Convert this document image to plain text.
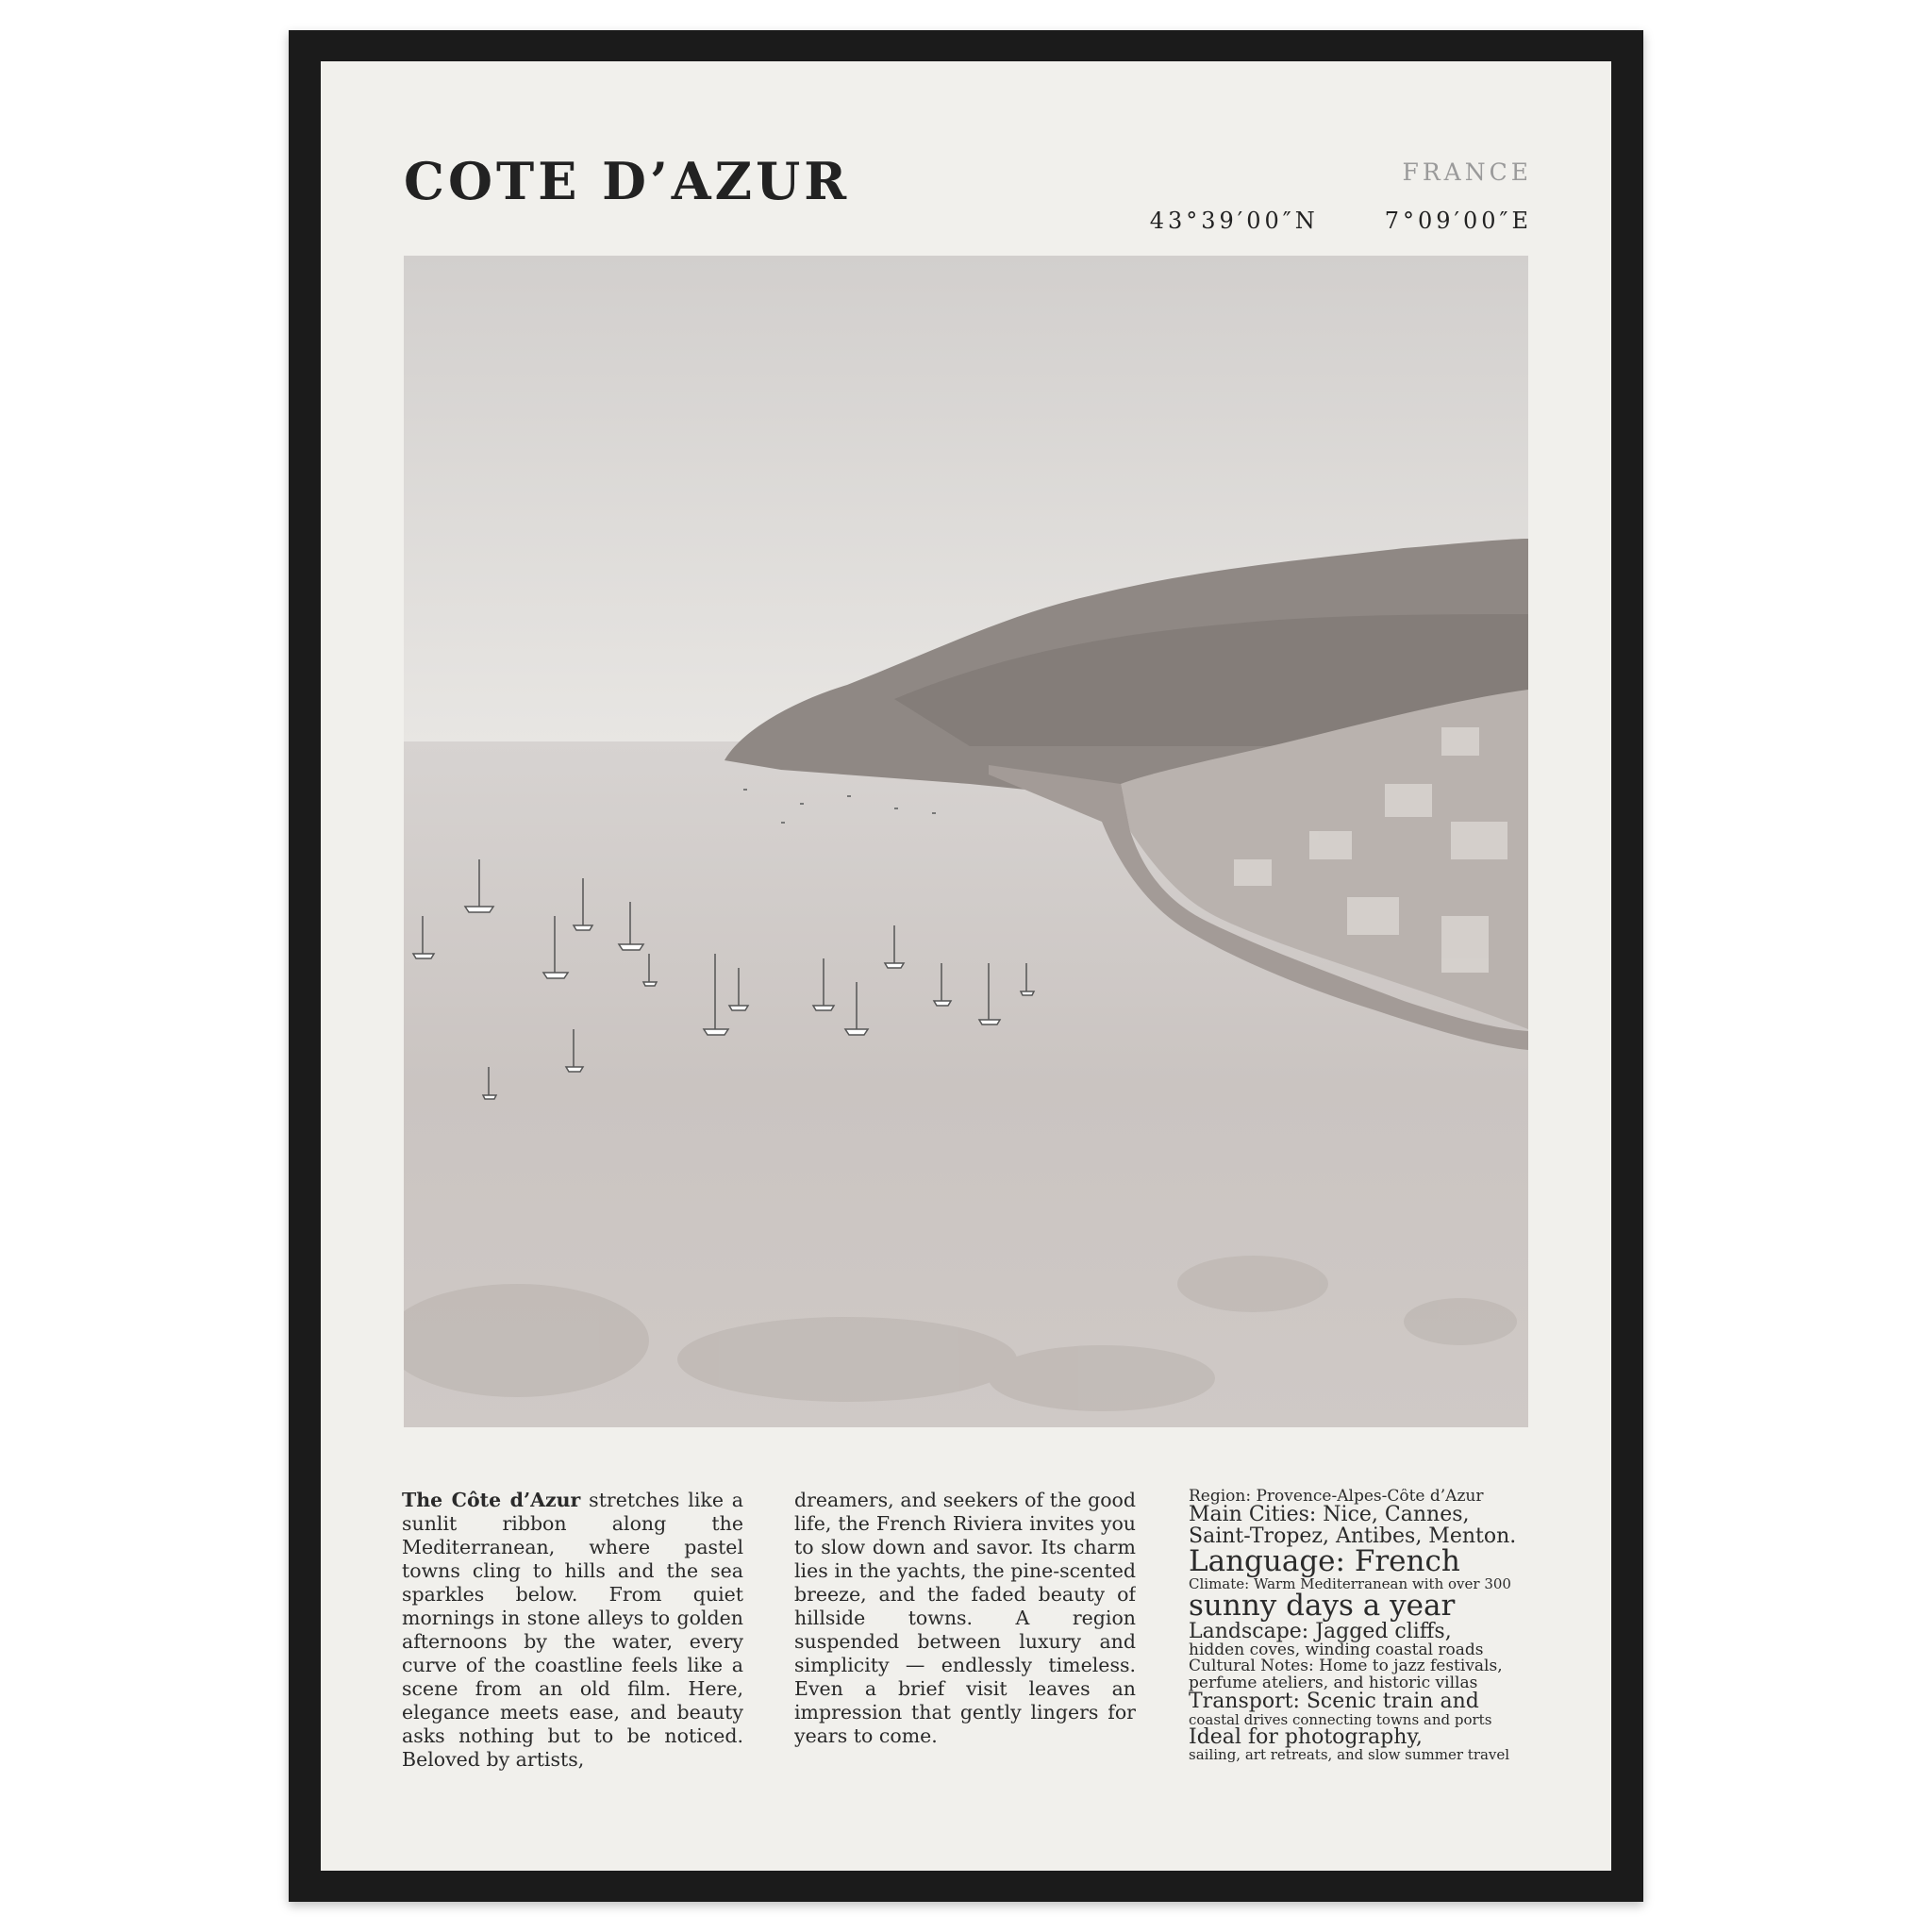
COTE D’AZUR	FRANCE
43°39′00″N	7°09′00″E
The Côte d’Azur stretches like a sunlit ribbon along the Mediterranean, where pastel towns cling to hills and the sea sparkles below. From quiet mornings in stone alleys to golden afternoons by the water, every curve of the coastline feels like a scene from an old film. Here, elegance meets ease, and beauty asks nothing but to be noticed. Beloved by artists,
dreamers, and seekers of the good life, the French Riviera invites you to slow down and savor. Its charm lies in the yachts, the pine-scented breeze, and the faded beauty of hillside towns. A region suspended between luxury and simplicity — endlessly timeless. Even a brief visit leaves an impression that gently lingers for years to come.
Region: Provence-Alpes-Côte d’Azur
Main Cities: Nice, Cannes,
Saint-Tropez, Antibes, Menton.
Language: French
Climate: Warm Mediterranean with over 300
sunny days a year
Landscape: Jagged cliffs,
hidden coves, winding coastal roads
Cultural Notes: Home to jazz festivals,
perfume ateliers, and historic villas
Transport: Scenic train and
coastal drives connecting towns and ports
Ideal for photography,
sailing, art retreats, and slow summer travel
